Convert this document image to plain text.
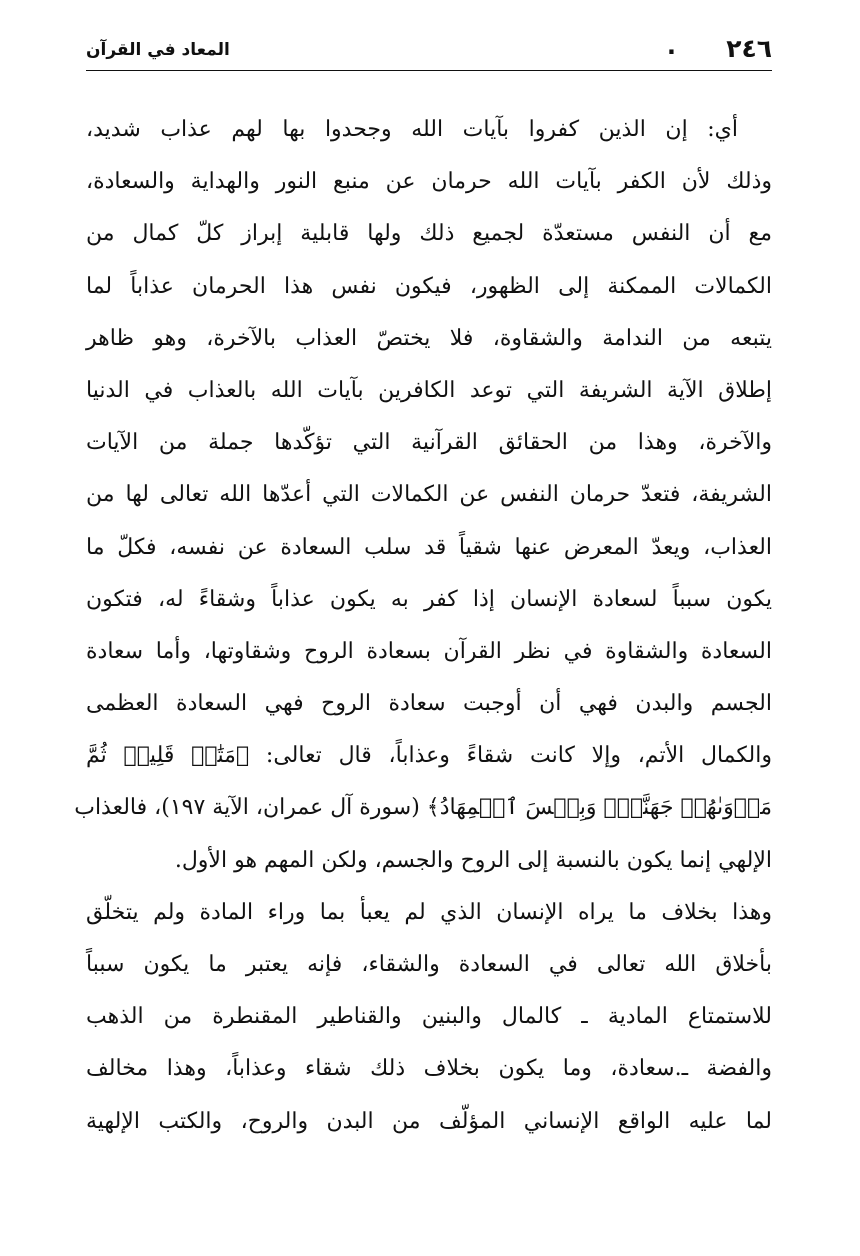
٢٤٦
.
المعاد في القرآن
أي: إن الذين كفروا بآيات الله وجحدوا بها لهم عذاب شديد،
وذلك لأن الكفر بآيات الله حرمان عن منبع النور والهداية والسعادة،
مع أن النفس مستعدّة لجميع ذلك ولها قابلية إبراز كلّ كمال من
الكمالات الممكنة إلى الظهور، فيكون نفس هذا الحرمان عذاباً لما
يتبعه من الندامة والشقاوة، فلا يختصّ العذاب بالآخرة، وهو ظاهر
إطلاق الآية الشريفة التي توعد الكافرين بآيات الله بالعذاب في الدنيا
والآخرة، وهذا من الحقائق القرآنية التي تؤكّدها جملة من الآيات
الشريفة، فتعدّ حرمان النفس عن الكمالات التي أعدّها الله تعالى لها من
العذاب، ويعدّ المعرض عنها شقياً قد سلب السعادة عن نفسه، فكلّ ما
يكون سبباً لسعادة الإنسان إذا كفر به يكون عذاباً وشقاءً له، فتكون
السعادة والشقاوة في نظر القرآن بسعادة الروح وشقاوتها، وأما سعادة
الجسم والبدن فهي أن أوجبت سعادة الروح فهي السعادة العظمى
والكمال الأتم، وإلا كانت شقاءً وعذاباً، قال تعالى: ﴿مَتَٰعٞ قَلِيلٞ ثُمَّ
مَأۡوَىٰهُمۡ جَهَنَّمُۚ وَبِئۡسَ ٱلۡمِهَادُ﴾ (سورة آل عمران، الآية ١٩٧)، فالعذاب
الإلهي إنما يكون بالنسبة إلى الروح والجسم، ولكن المهم هو الأول.
وهذا بخلاف ما يراه الإنسان الذي لم يعبأ بما وراء المادة ولم يتخلّق
بأخلاق الله تعالى في السعادة والشقاء، فإنه يعتبر ما يكون سبباً
للاستمتاع المادية ـ كالمال والبنين والقناطير المقنطرة من الذهب
والفضة ـ.سعادة، وما يكون بخلاف ذلك شقاء وعذاباً، وهذا مخالف
لما عليه الواقع الإنساني المؤلّف من البدن والروح، والكتب الإلهية
